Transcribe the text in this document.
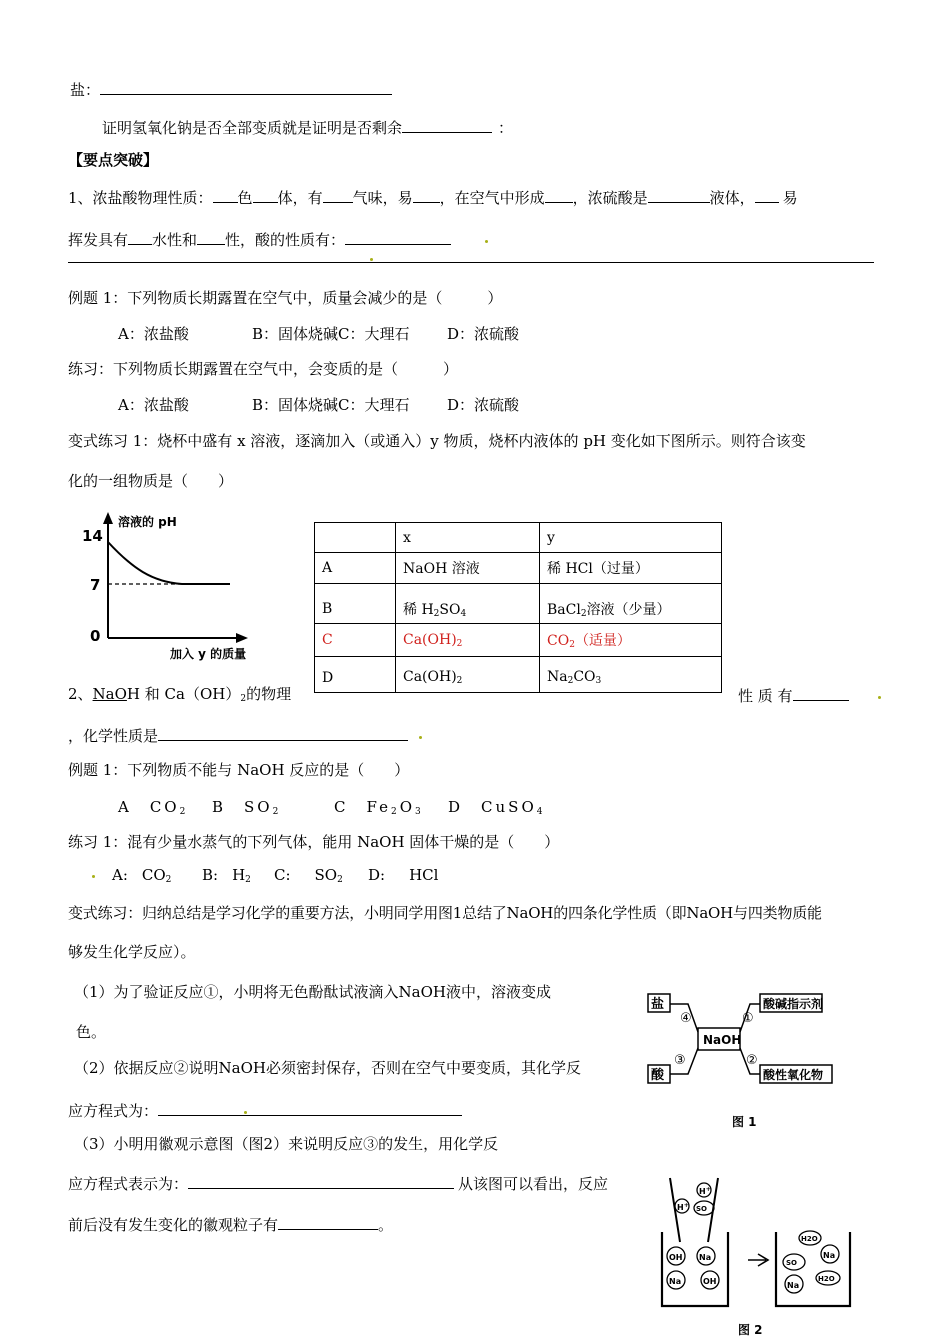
盐：
证明氢氧化钠是否全部变质就是证明是否剩余	：
【要点突破】
1、浓盐酸物理性质： 色 体，有 气味，易 ，在空气中形成 ，浓硫酸是	液体， 易
挥发具有 水性和 性，酸的性质有：
例题 1：下列物质长期露置在空气中，质量会减少的是（　　　）
A：浓盐酸	B：固体烧碱C：大理石	D：浓硫酸
练习：下列物质长期露置在空气中，会变质的是（　　　）
A：浓盐酸	B：固体烧碱C：大理石	D：浓硫酸
变式练习 1：烧杯中盛有 x 溶液，逐滴加入（或通入）y 物质，烧杯内液体的 pH 变化如下图所示。则符合该变
化的一组物质是（　　）
溶液的 pH
14
7
0
加入 y 的质量
	x	y
A	NaOH 溶液	稀 HCl（过量）
B	稀 $H_2SO_4$	BaCl$_2$溶液（少量）
C	$Ca(OH)_2$	$CO_2$（适量）
D	$Ca(OH)_2$	$Na_2CO_3$
2、NaOH 和 $Ca(OH)_2$的物理	性 质 有
，化学性质是
例题 1：下列物质不能与 NaOH 反应的是（　　）
A　$CO_2$ B　$SO_2$	C　$Fe_2O_3$ D　CuSO$_4$
练习 1：混有少量水蒸气的下列气体，能用 NaOH 固体干燥的是（　　）
A: $CO_2$ B: $H_2$ C: $SO_2$ D: HCl
变式练习：归纳总结是学习化学的重要方法，小明同学用图1总结了NaOH的四条化学性质（即NaOH与四类物质能
够发生化学反应）。
（1）为了验证反应①，小明将无色酚酞试液滴入NaOH液中，溶液变成
色。
（2）依据反应②说明NaOH必须密封保存，否则在空气中要变质，其化学反
应方程式为：
（3）小明用徽观示意图（图2）来说明反应③的发生，用化学反
应方程式表示为：	从该图可以看出，反应
前后没有发生变化的徽观粒子有	。
盐	酸碱指示剂
酸	酸性氧化物
NaOH
④	①
③	②
图 1
H+
H+ SO
OH Na
Na	OH
H2O
SO
Na
Na
H2O
图 2
